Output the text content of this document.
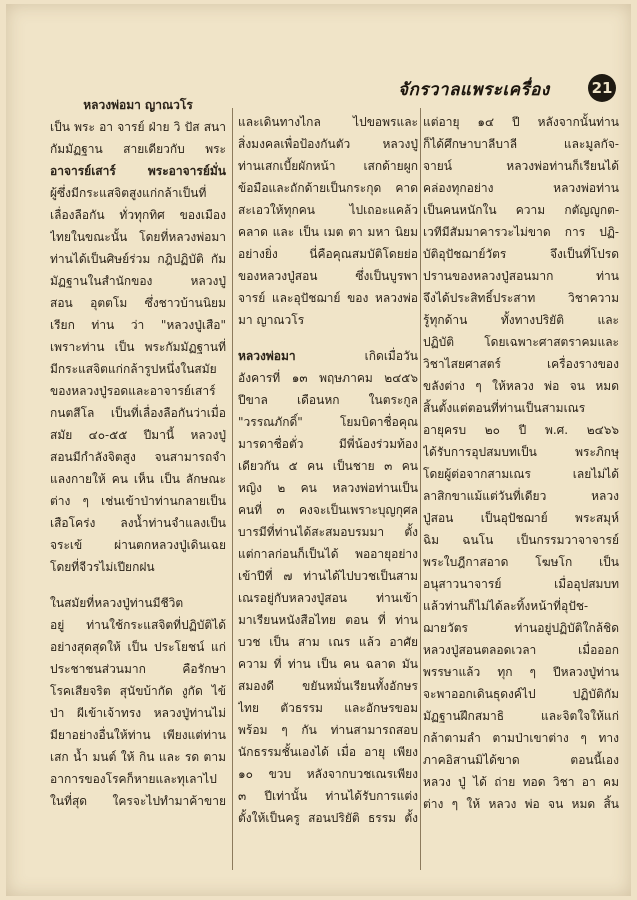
จักรวาลแพระเครื่อง	21
หลวงพ่อมา ญาณวโร
เป็น พระ อา จารย์ ฝ่าย วิ ปัส สนา
กัมมัฏฐาน สายเดียวกับ พระ
อาจารย์เสาร์ พระอาจารย์มั่น
ผู้ซึ่งมีกระแสจิตสูงแก่กล้าเป็นที่
เลื่องลือกัน ทั่วทุกทิศ ของเมือง
ไทยในขณะนั้น โดยที่หลวงพ่อมา
ท่านได้เป็นศิษย์ร่วม กฎิปฏิบัติ กัม
มัฏฐานในสำนักของ หลวงปู่
สอน อุตตโม ซึ่งชาวบ้านนิยม
เรียก ท่าน ว่า "หลวงปู่เสือ"
เพราะท่าน เป็น พระกัมมัฏฐานที่
มีกระแสจิตแก่กล้ารูปหนึ่งในสมัย
ของหลวงปู่รอดและอาจารย์เสาร์
กนตสีโล เป็นที่เลื่องลือกันว่าเมื่อ
สมัย ๔๐-๕๕ ปีมานี้ หลวงปู่
สอนมีกำลังจิตสูง จนสามารถจำ
แลงกายให้ คน เห็น เป็น ลักษณะ
ต่าง ๆ เช่นเข้าป่าท่านกลายเป็น
เสือโคร่ง ลงน้ำท่านจำแลงเป็น
จระเข้ ผ่านตกหลวงปู่เดินเฉย
โดยที่จีวรไม่เปียกฝน
ในสมัยที่หลวงปู่ท่านมีชีวิต
อยู่ ท่านใช้กระแสจิตที่ปฏิบัติได้
อย่างสุดสุดให้ เป็น ประโยชน์ แก่
ประชาชนส่วนมาก คือรักษา
โรคเสียจริต สุนัขบ้ากัด งูกัด ไข้
ป่า ผีเข้าเจ้าทรง หลวงปู่ท่านไม่
มียาอย่างอื่นให้ท่าน เพียงแต่ท่าน
เสก น้ำ มนต์ ให้ กิน และ รด ตาม
อาการของโรคก็หายและทุเลาไป
ในที่สุด ใครจะไปทำมาค้าขาย
และเดินทางไกล ไปขอพรและ
สิ่งมงคลเพื่อป้องกันตัว หลวงปู่
ท่านเสกเบี้ยผักหน้า เสกด้ายผูก
ข้อมือและถักด้ายเป็นกระกุด คาด
สะเอวให้ทุกคน ไปเถอะแคล้ว
คลาด และ เป็น เมต ตา มหา นิยม
อย่างยิ่ง นี่คือคุณสมบัติโดยย่อ
ของหลวงปู่สอน ซึ่งเป็นบูรพา
จารย์ และอุปัชฌาย์ ของ หลวงพ่อ
มา ญาณวโร
หลวงพ่อมา เกิดเมื่อวัน
อังคารที่ ๑๓ พฤษภาคม ๒๔๕๖
ปีขาล เดือนหก ในตระกูล
"วรรณภักดิ์" โยมบิดาชื่อคุณ
มารดาชื่อตั่ว มีพี่น้องร่วมท้อง
เดียวกัน ๕ คน เป็นชาย ๓ คน
หญิง ๒ คน หลวงพ่อท่านเป็น
คนที่ ๓ คงจะเป็นเพราะบุญกุศล
บารมีที่ท่านได้สะสมอบรมมา ตั้ง
แต่กาลก่อนก็เป็นได้ พออายุอย่าง
เข้าปีที่ ๗ ท่านได้ไปบวชเป็นสาม
เณรอยู่กับหลวงปู่สอน ท่านเข้า
มาเรียนหนังสือไทย ตอน ที่ ท่าน
บวช เป็น สาม เณร แล้ว อาศัย
ความ ที่ ท่าน เป็น คน ฉลาด มัน
สมองดี ขยันหมั่นเรียนทั้งอักษร
ไทย ตัวธรรม และอักษรขอม
พร้อม ๆ กัน ท่านสามารถสอบ
นักธรรมชั้นเองได้ เมื่อ อายุ เพียง
๑๐ ขวบ หลังจากบวชเณรเพียง
๓ ปีเท่านั้น ท่านได้รับการแต่ง
ตั้งให้เป็นครู สอนปริยัติ ธรรม ตั้ง
แต่อายุ ๑๔ ปี หลังจากนั้นท่าน
ก็ได้ศึกษาบาลีบาลี และมูลกัจ-
จายน์ หลวงพ่อท่านก็เรียนได้
คล่องทุกอย่าง หลวงพ่อท่าน
เป็นคนหนักใน ความ กตัญญูกต-
เวทีมีสัมมาคารวะไม่ขาด การ ปฏิ-
บัติอุปัชฌาย์วัตร จึงเป็นที่โปรด
ปรานของหลวงปู่สอนมาก ท่าน
จึงได้ประสิทธิ์ประสาท วิชาความ
รู้ทุกด้าน ทั้งทางปริยัติ และ
ปฏิบัติ โดยเฉพาะศาสตราคมและ
วิชาไสยศาสตร์ เครื่องรางของ
ขลังต่าง ๆ ให้หลวง พ่อ จน หมด
สิ้นตั้งแต่ตอนที่ท่านเป็นสามเณร
อายุครบ ๒๐ ปี พ.ศ. ๒๔๖๖
ได้รับการอุปสมบทเป็น พระภิกษุ
โดยผู้ต่อจากสามเณร เลยไม่ได้
ลาสิกขาแม้แต่วันที่เดียว หลวง
ปู่สอน เป็นอุปัชฌาย์ พระสมุห์
ฉิม ฉนโน เป็นกรรมวาจาจารย์
พระใบฎีกาสอาด โฆษโก เป็น
อนุสาวนาจารย์ เมื่ออุปสมบท
แล้วท่านก็ไม่ได้ละทิ้งหน้าที่อุปัช-
ฌายวัตร ท่านอยู่ปฏิบัติใกล้ชิด
หลวงปู่สอนตลอดเวลา เมื่อออก
พรรษาแล้ว ทุก ๆ ปีหลวงปู่ท่าน
จะพาออกเดินธุดงค์ไป ปฏิบัติกัม
มัฏฐานฝึกสมาธิ และจิตใจให้แก่
กล้าตามลำ ตามป่าเขาต่าง ๆ ทาง
ภาคอิสานมิได้ขาด ตอนนี้เอง
หลวง ปู่ ได้ ถ่าย ทอด วิชา อา คม
ต่าง ๆ ให้ หลวง พ่อ จน หมด สิ้น
